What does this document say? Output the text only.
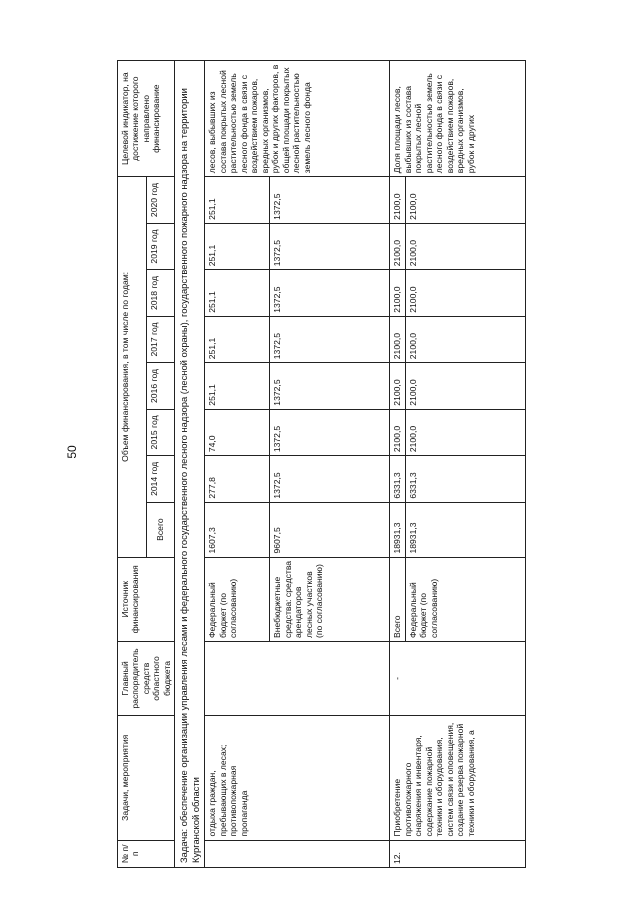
50
№ п/п	Задачи, мероприятия	Главный распорядитель средств областного бюджета	Источник финансирования	Объем финансирования, в том числе по годам:								Целевой индикатор, на достижение которого направлено финансирование
				Всего	2014 год	2015 год	2016 год	2017 год	2018 год	2019 год	2020 год	
Задача: обеспечение организации управления лесами и федерального государственного лесного надзора (лесной охраны), государственного пожарного надзора на территории Курганской области												
	отдыха граждан, пребывающих в лесах; противопожарная пропаганда		Федеральный бюджет (по согласованию)	1607,3	277,8	74,0	251,1	251,1	251,1	251,1	251,1	лесов, выбывших из состава покрытых лесной растительностью земель лесного фонда в связи с воздействием пожаров, вредных организмов, рубок и других факторов, в общей площади покрытых лесной растительностью земель лесного фонда
			Внебюджетные средства: средства арендаторов лесных участков (по согласованию)	9607,5	1372,5	1372,5	1372,5	1372,5	1372,5	1372,5	1372,5	
12.	Приобретение противопожарного снаряжения и инвентаря, содержание пожарной техники и оборудования, систем связи и оповещения, создание резерва пожарной техники и оборудования, а	-	Всего	18931,3	6331,3	2100,0	2100,0	2100,0	2100,0	2100,0	2100,0	Доля площади лесов, выбывших из состава покрытых лесной растительностью земель лесного фонда в связи с воздействием пожаров, вредных организмов, рубок и других
			Федеральный бюджет (по согласованию)	18931,3	6331,3	2100,0	2100,0	2100,0	2100,0	2100,0	2100,0	
